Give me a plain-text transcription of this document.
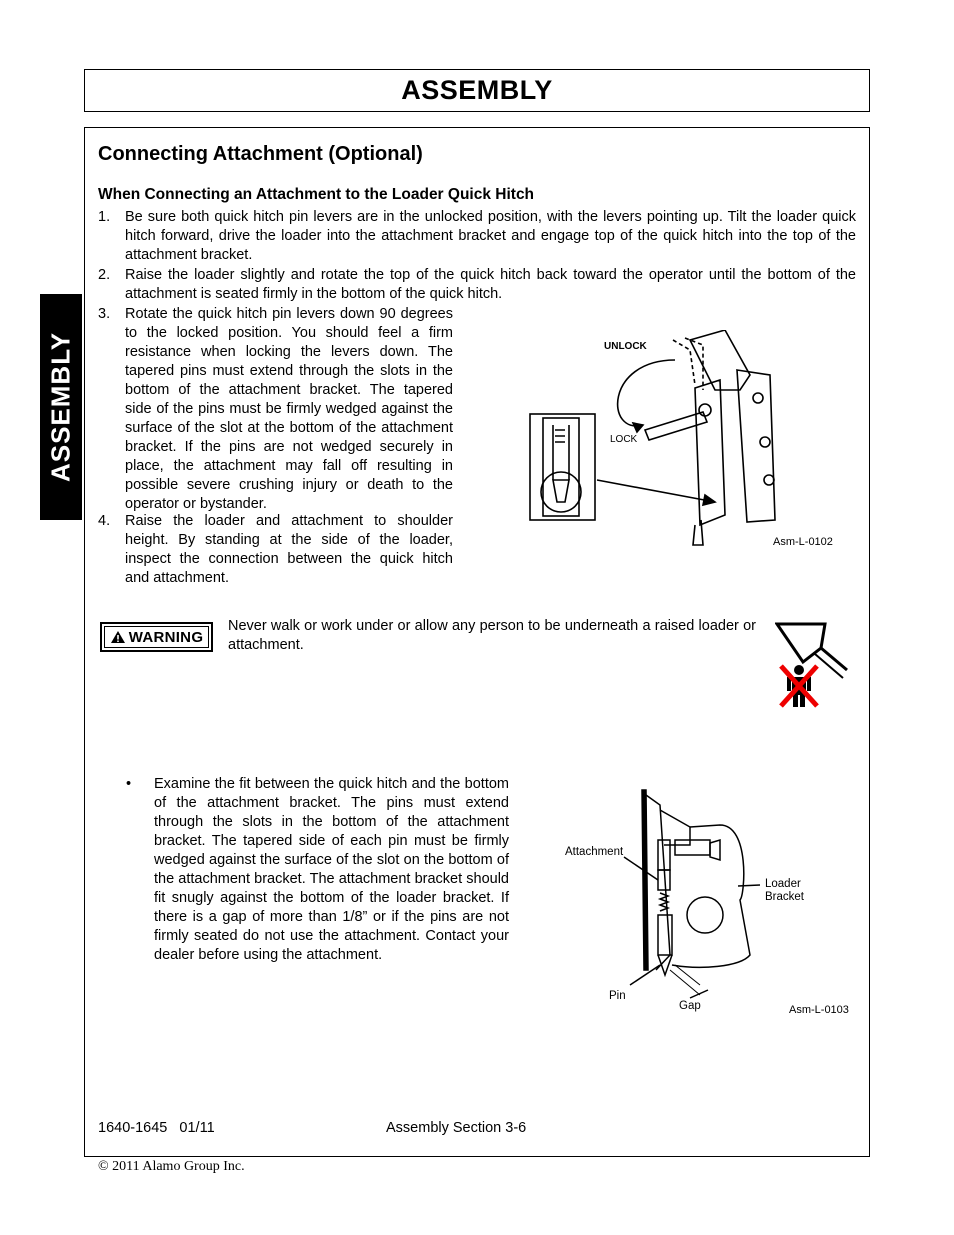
ASSEMBLY
ASSEMBLY
Connecting Attachment (Optional)
When Connecting an Attachment to the Loader Quick Hitch
1. Be sure both quick hitch pin levers are in the unlocked position, with the levers pointing up. Tilt the loader quick hitch forward, drive the loader into the attachment bracket and engage top of the quick hitch into the top of the attachment bracket.
2. Raise the loader slightly and rotate the top of the quick hitch back toward the operator until the bottom of the attachment is seated firmly in the bottom of the quick hitch.
3. Rotate the quick hitch pin levers down 90 degrees to the locked position. You should feel a firm resistance when locking the levers down. The tapered pins must extend through the slots in the bottom of the attachment bracket. The tapered side of the pins must be firmly wedged against the surface of the slot at the bottom of the attachment bracket. If the pins are not wedged securely in place, the attachment may fall off resulting in possible severe crushing injury or death to the operator or bystander.
4. Raise the loader and attachment to shoulder height. By standing at the side of the loader, inspect the connection between the quick hitch and attachment.
UNLOCK
LOCK
Asm-L-0102
WARNING
Never walk or work under or allow any person to be underneath a raised loader or attachment.
• Examine the fit between the quick hitch and the bottom of the attachment bracket. The pins must extend through the slots in the bottom of the attachment bracket. The tapered side of each pin must be firmly wedged against the surface of the slot on the bottom of the attachment bracket. The attachment bracket should fit snugly against the bottom of the loader bracket. If there is a gap of more than 1/8” or if the pins are not firmly seated do not use the attachment. Contact your dealer before using the attachment.
Attachment
Loader
Bracket
Pin
Gap	Asm-L-0103
1640-1645   01/11	Assembly Section 3-6
© 2011 Alamo Group Inc.
